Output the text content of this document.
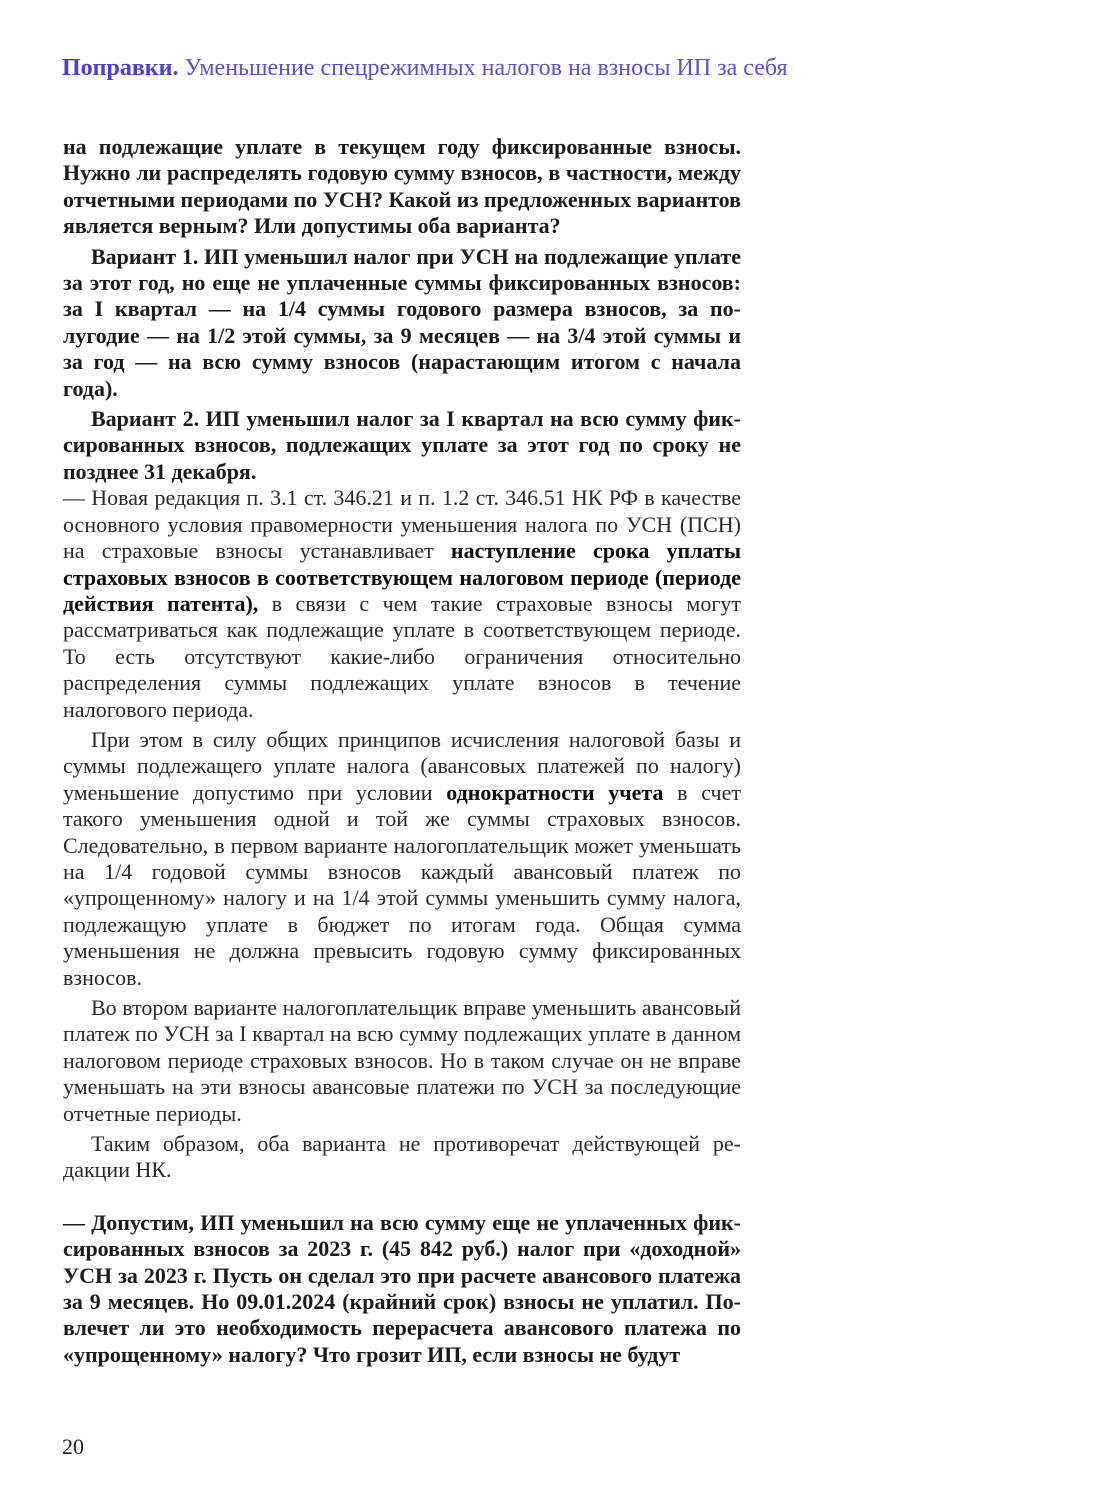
Поправки. Уменьшение спецрежимных налогов на взносы ИП за себя

на подлежащие уплате в текущем году фиксированные взносы. Нужно ли распределять годовую сумму взносов, в частности, между отчетными периодами по УСН? Какой из предложенных вариантов является верным? Или допустимы оба варианта?

Вариант 1. ИП уменьшил налог при УСН на подлежащие уплате за этот год, но еще не уплаченные суммы фиксированных взносов: за I квартал — на 1/4 суммы годового размера взносов, за полугодие — на 1/2 этой суммы, за 9 месяцев — на 3/4 этой суммы и за год — на всю сумму взносов (нарастающим итогом с начала года).

Вариант 2. ИП уменьшил налог за I квартал на всю сумму фиксированных взносов, подлежащих уплате за этот год по сроку не позднее 31 декабря.

— Новая редакция п. 3.1 ст. 346.21 и п. 1.2 ст. 346.51 НК РФ в качестве основного условия правомерности уменьшения налога по УСН (ПСН) на страховые взносы устанавливает наступление срока уплаты страховых взносов в соответствующем налоговом периоде (периоде действия патента), в связи с чем такие страховые взносы могут рассматриваться как подлежащие уплате в соответствующем периоде. То есть отсутствуют какие-либо ограничения относительно распределения суммы подлежащих уплате взносов в течение налогового периода.

При этом в силу общих принципов исчисления налоговой базы и суммы подлежащего уплате налога (авансовых платежей по налогу) уменьшение допустимо при условии однократности учета в счет такого уменьшения одной и той же суммы страховых взносов. Следовательно, в первом варианте налогоплательщик может уменьшать на 1/4 годовой суммы взносов каждый авансовый платеж по «упрощенному» налогу и на 1/4 этой суммы уменьшить сумму налога, подлежащую уплате в бюджет по итогам года. Общая сумма уменьшения не должна превысить годовую сумму фиксированных взносов.

Во втором варианте налогоплательщик вправе уменьшить авансовый платеж по УСН за I квартал на всю сумму подлежащих уплате в данном налоговом периоде страховых взносов. Но в таком случае он не вправе уменьшать на эти взносы авансовые платежи по УСН за последующие отчетные периоды.

Таким образом, оба варианта не противоречат действующей редакции НК.

— Допустим, ИП уменьшил на всю сумму еще не уплаченных фиксированных взносов за 2023 г. (45 842 руб.) налог при «доходной» УСН за 2023 г. Пусть он сделал это при расчете авансового платежа за 9 месяцев. Но 09.01.2024 (крайний срок) взносы не уплатил. Повлечет ли это необходимость перерасчета авансового платежа по «упрощенному» налогу? Что грозит ИП, если взносы не будут

20
